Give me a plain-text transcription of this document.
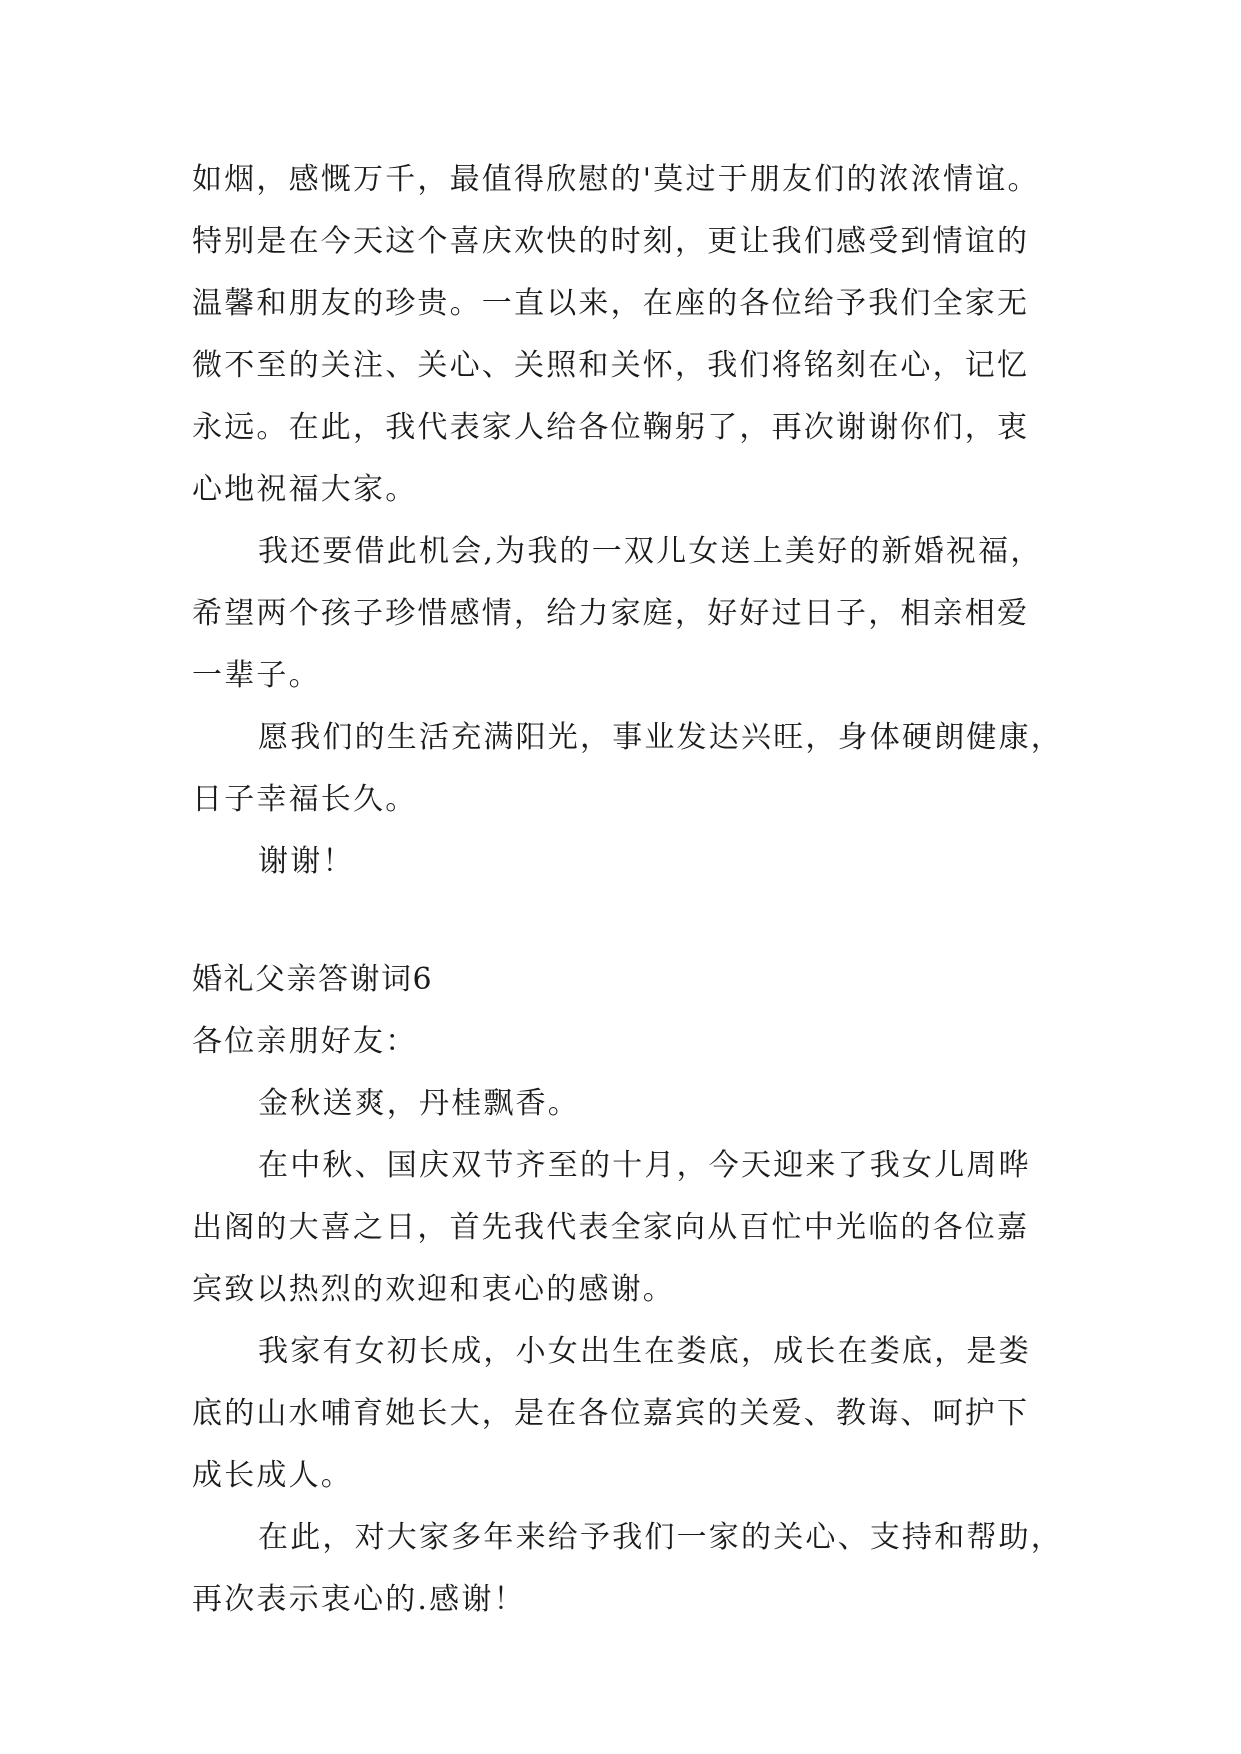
如烟，感慨万千，最值得欣慰的'莫过于朋友们的浓浓情谊。
特别是在今天这个喜庆欢快的时刻，更让我们感受到情谊的
温馨和朋友的珍贵。一直以来，在座的各位给予我们全家无
微不至的关注、关心、关照和关怀，我们将铭刻在心，记忆
永远。在此，我代表家人给各位鞠躬了，再次谢谢你们，衷
心地祝福大家。
我还要借此机会,为我的一双儿女送上美好的新婚祝福，
希望两个孩子珍惜感情，给力家庭，好好过日子，相亲相爱
一辈子。
愿我们的生活充满阳光，事业发达兴旺，身体硬朗健康，
日子幸福长久。
谢谢！
婚礼父亲答谢词6
各位亲朋好友：
金秋送爽，丹桂飘香。
在中秋、国庆双节齐至的十月，今天迎来了我女儿周晔
出阁的大喜之日，首先我代表全家向从百忙中光临的各位嘉
宾致以热烈的欢迎和衷心的感谢。
我家有女初长成，小女出生在娄底，成长在娄底，是娄
底的山水哺育她长大，是在各位嘉宾的关爱、教诲、呵护下
成长成人。
在此，对大家多年来给予我们一家的关心、支持和帮助，
再次表示衷心的.感谢！
